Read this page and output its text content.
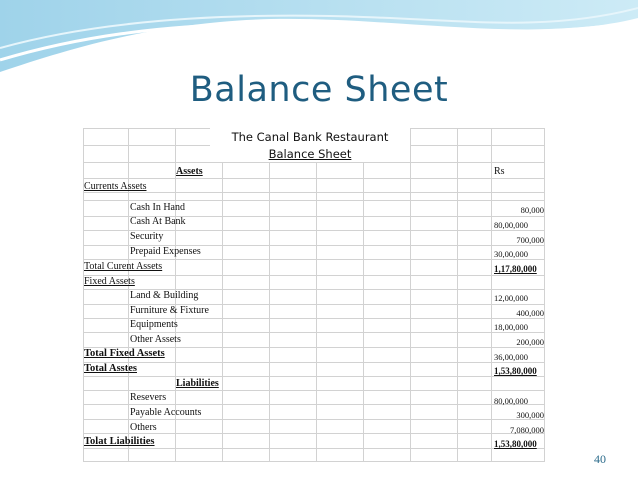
Balance Sheet
The Canal Bank Restaurant
Balance Sheet
Assets	Rs
Currents Assets
Cash In Hand	80,000
Cash At Bank	80,00,000
Security	700,000
Prepaid Expenses	30,00,000
Total Curent Assets	1,17,80,000
Fixed Assets
Land & Building	12,00,000
Furniture & Fixture	400,000
Equipments	18,00,000
Other Assets	200,000
Total Fixed Assets	36,00,000
Total Asstes	1,53,80,000
Liabilities
Resevers	80,00,000
Payable Accounts	300,000
Others	7,080,000
Tolat Liabilities	1,53,80,000
40
